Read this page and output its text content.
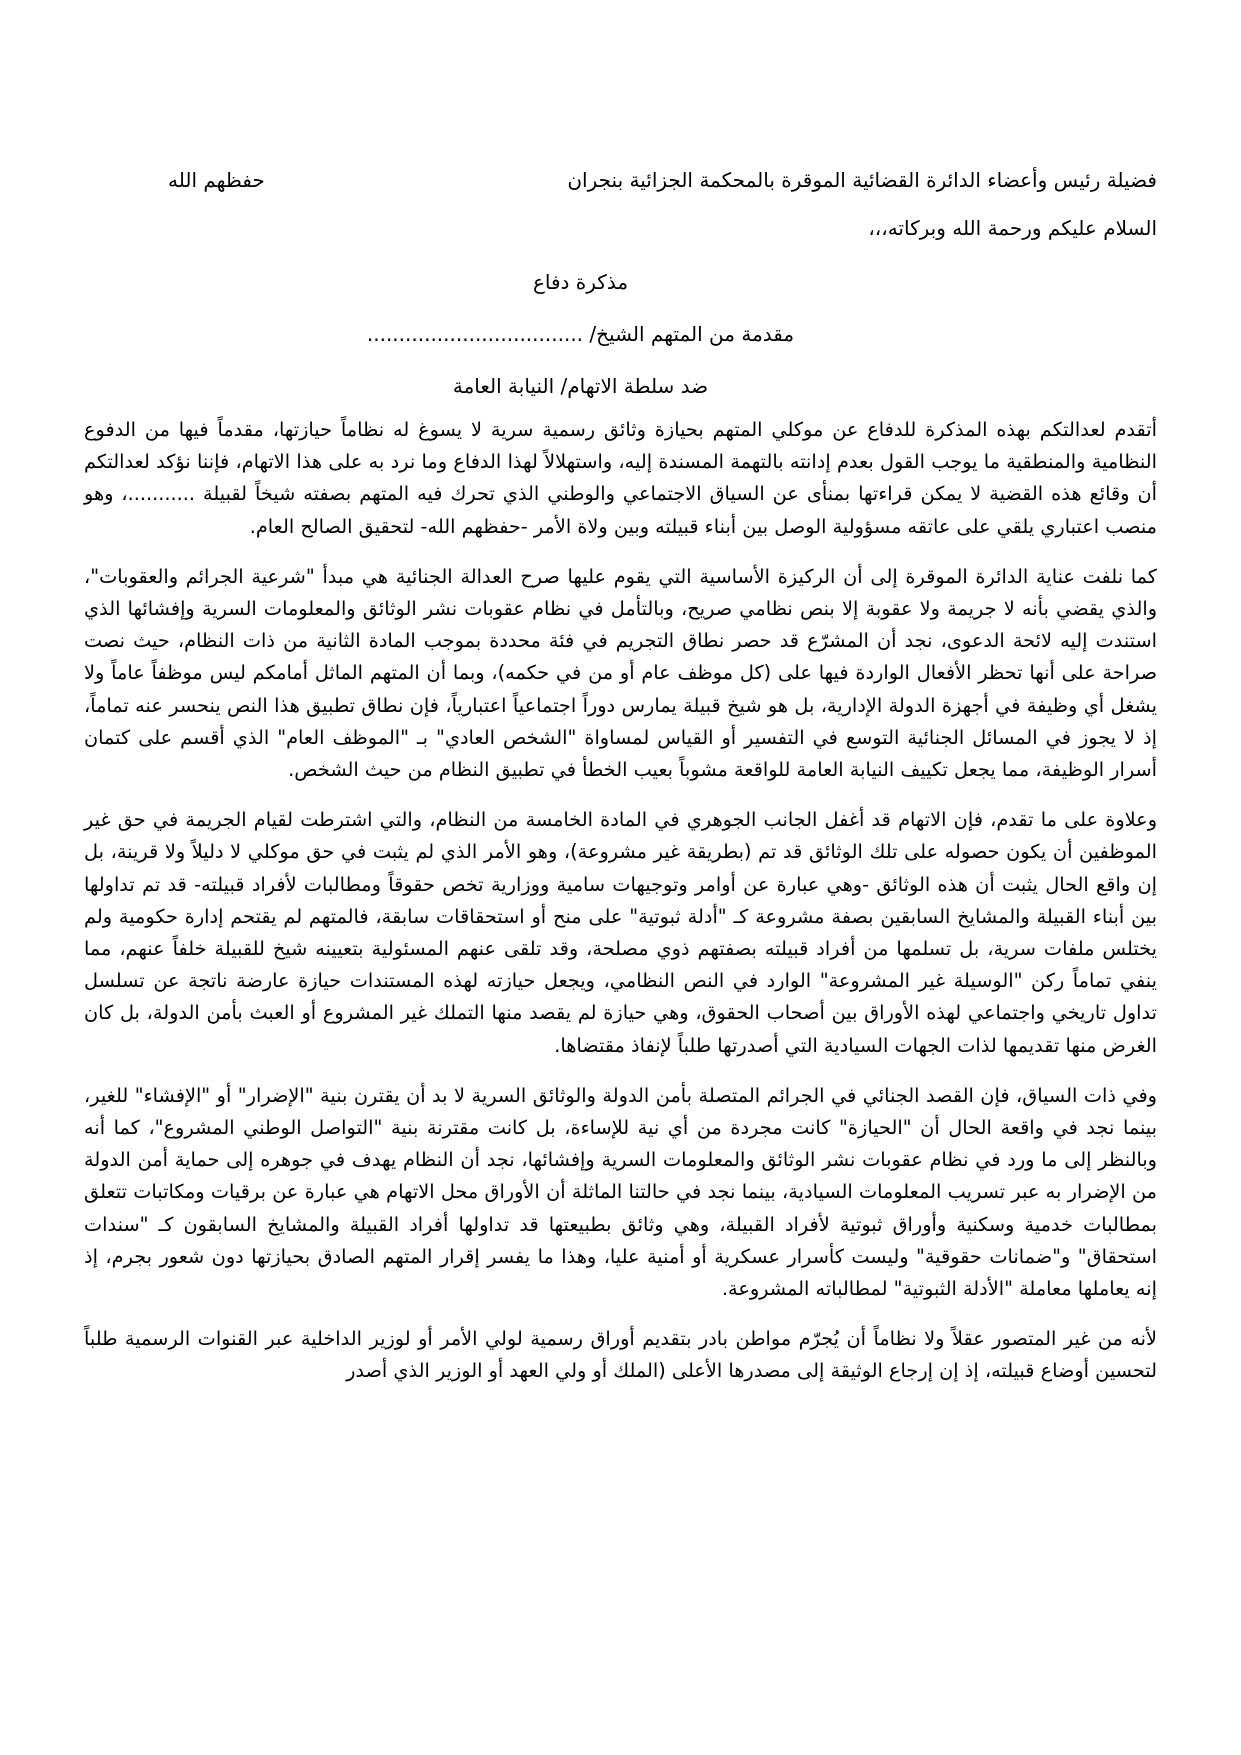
فضيلة رئيس وأعضاء الدائرة القضائية الموقرة بالمحكمة الجزائية بنجران
حفظهم الله

السلام عليكم ورحمة الله وبركاته،،،

مذكرة دفاع

مقدمة من المتهم الشيخ/ ..................................

ضد سلطة الاتهام/ النيابة العامة

أتقدم لعدالتكم بهذه المذكرة للدفاع عن موكلي المتهم بحيازة وثائق رسمية سرية لا يسوغ له نظاماً حيازتها، مقدماً فيها من الدفوع النظامية والمنطقية ما يوجب القول بعدم إدانته بالتهمة المسندة إليه، واستهلالاً لهذا الدفاع وما نرد به على هذا الاتهام، فإننا نؤكد لعدالتكم أن وقائع هذه القضية لا يمكن قراءتها بمنأى عن السياق الاجتماعي والوطني الذي تحرك فيه المتهم بصفته شيخاً لقبيلة ...........، وهو منصب اعتباري يلقي على عاتقه مسؤولية الوصل بين أبناء قبيلته وبين ولاة الأمر -حفظهم الله- لتحقيق الصالح العام.

كما نلفت عناية الدائرة الموقرة إلى أن الركيزة الأساسية التي يقوم عليها صرح العدالة الجنائية هي مبدأ "شرعية الجرائم والعقوبات"، والذي يقضي بأنه لا جريمة ولا عقوبة إلا بنص نظامي صريح، وبالتأمل في نظام عقوبات نشر الوثائق والمعلومات السرية وإفشائها الذي استندت إليه لائحة الدعوى، نجد أن المشرّع قد حصر نطاق التجريم في فئة محددة بموجب المادة الثانية من ذات النظام، حيث نصت صراحة على أنها تحظر الأفعال الواردة فيها على (كل موظف عام أو من في حكمه)، وبما أن المتهم الماثل أمامكم ليس موظفاً عاماً ولا يشغل أي وظيفة في أجهزة الدولة الإدارية، بل هو شيخ قبيلة يمارس دوراً اجتماعياً اعتبارياً، فإن نطاق تطبيق هذا النص ينحسر عنه تماماً، إذ لا يجوز في المسائل الجنائية التوسع في التفسير أو القياس لمساواة "الشخص العادي" بـ "الموظف العام" الذي أقسم على كتمان أسرار الوظيفة، مما يجعل تكييف النيابة العامة للواقعة مشوباً بعيب الخطأ في تطبيق النظام من حيث الشخص.

وعلاوة على ما تقدم، فإن الاتهام قد أغفل الجانب الجوهري في المادة الخامسة من النظام، والتي اشترطت لقيام الجريمة في حق غير الموظفين أن يكون حصوله على تلك الوثائق قد تم (بطريقة غير مشروعة)، وهو الأمر الذي لم يثبت في حق موكلي لا دليلاً ولا قرينة، بل إن واقع الحال يثبت أن هذه الوثائق -وهي عبارة عن أوامر وتوجيهات سامية ووزارية تخص حقوقاً ومطالبات لأفراد قبيلته- قد تم تداولها بين أبناء القبيلة والمشايخ السابقين بصفة مشروعة كـ "أدلة ثبوتية" على منح أو استحقاقات سابقة، فالمتهم لم يقتحم إدارة حكومية ولم يختلس ملفات سرية، بل تسلمها من أفراد قبيلته بصفتهم ذوي مصلحة، وقد تلقى عنهم المسئولية بتعيينه شيخ للقبيلة خلفاً عنهم، مما ينفي تماماً ركن "الوسيلة غير المشروعة" الوارد في النص النظامي، ويجعل حيازته لهذه المستندات حيازة عارضة ناتجة عن تسلسل تداول تاريخي واجتماعي لهذه الأوراق بين أصحاب الحقوق، وهي حيازة لم يقصد منها التملك غير المشروع أو العبث بأمن الدولة، بل كان الغرض منها تقديمها لذات الجهات السيادية التي أصدرتها طلباً لإنفاذ مقتضاها.

وفي ذات السياق، فإن القصد الجنائي في الجرائم المتصلة بأمن الدولة والوثائق السرية لا بد أن يقترن بنية "الإضرار" أو "الإفشاء" للغير، بينما نجد في واقعة الحال أن "الحيازة" كانت مجردة من أي نية للإساءة، بل كانت مقترنة بنية "التواصل الوطني المشروع"، كما أنه وبالنظر إلى ما ورد في نظام عقوبات نشر الوثائق والمعلومات السرية وإفشائها، نجد أن النظام يهدف في جوهره إلى حماية أمن الدولة من الإضرار به عبر تسريب المعلومات السيادية، بينما نجد في حالتنا الماثلة أن الأوراق محل الاتهام هي عبارة عن برقيات ومكاتبات تتعلق بمطالبات خدمية وسكنية وأوراق ثبوتية لأفراد القبيلة، وهي وثائق بطبيعتها قد تداولها أفراد القبيلة والمشايخ السابقون كـ "سندات استحقاق" و"ضمانات حقوقية" وليست كأسرار عسكرية أو أمنية عليا، وهذا ما يفسر إقرار المتهم الصادق بحيازتها دون شعور بجرم، إذ إنه يعاملها معاملة "الأدلة الثبوتية" لمطالباته المشروعة.

لأنه من غير المتصور عقلاً ولا نظاماً أن يُجرّم مواطن بادر بتقديم أوراق رسمية لولي الأمر أو لوزير الداخلية عبر القنوات الرسمية طلباً لتحسين أوضاع قبيلته، إذ إن إرجاع الوثيقة إلى مصدرها الأعلى (الملك أو ولي العهد أو الوزير الذي أصدر
